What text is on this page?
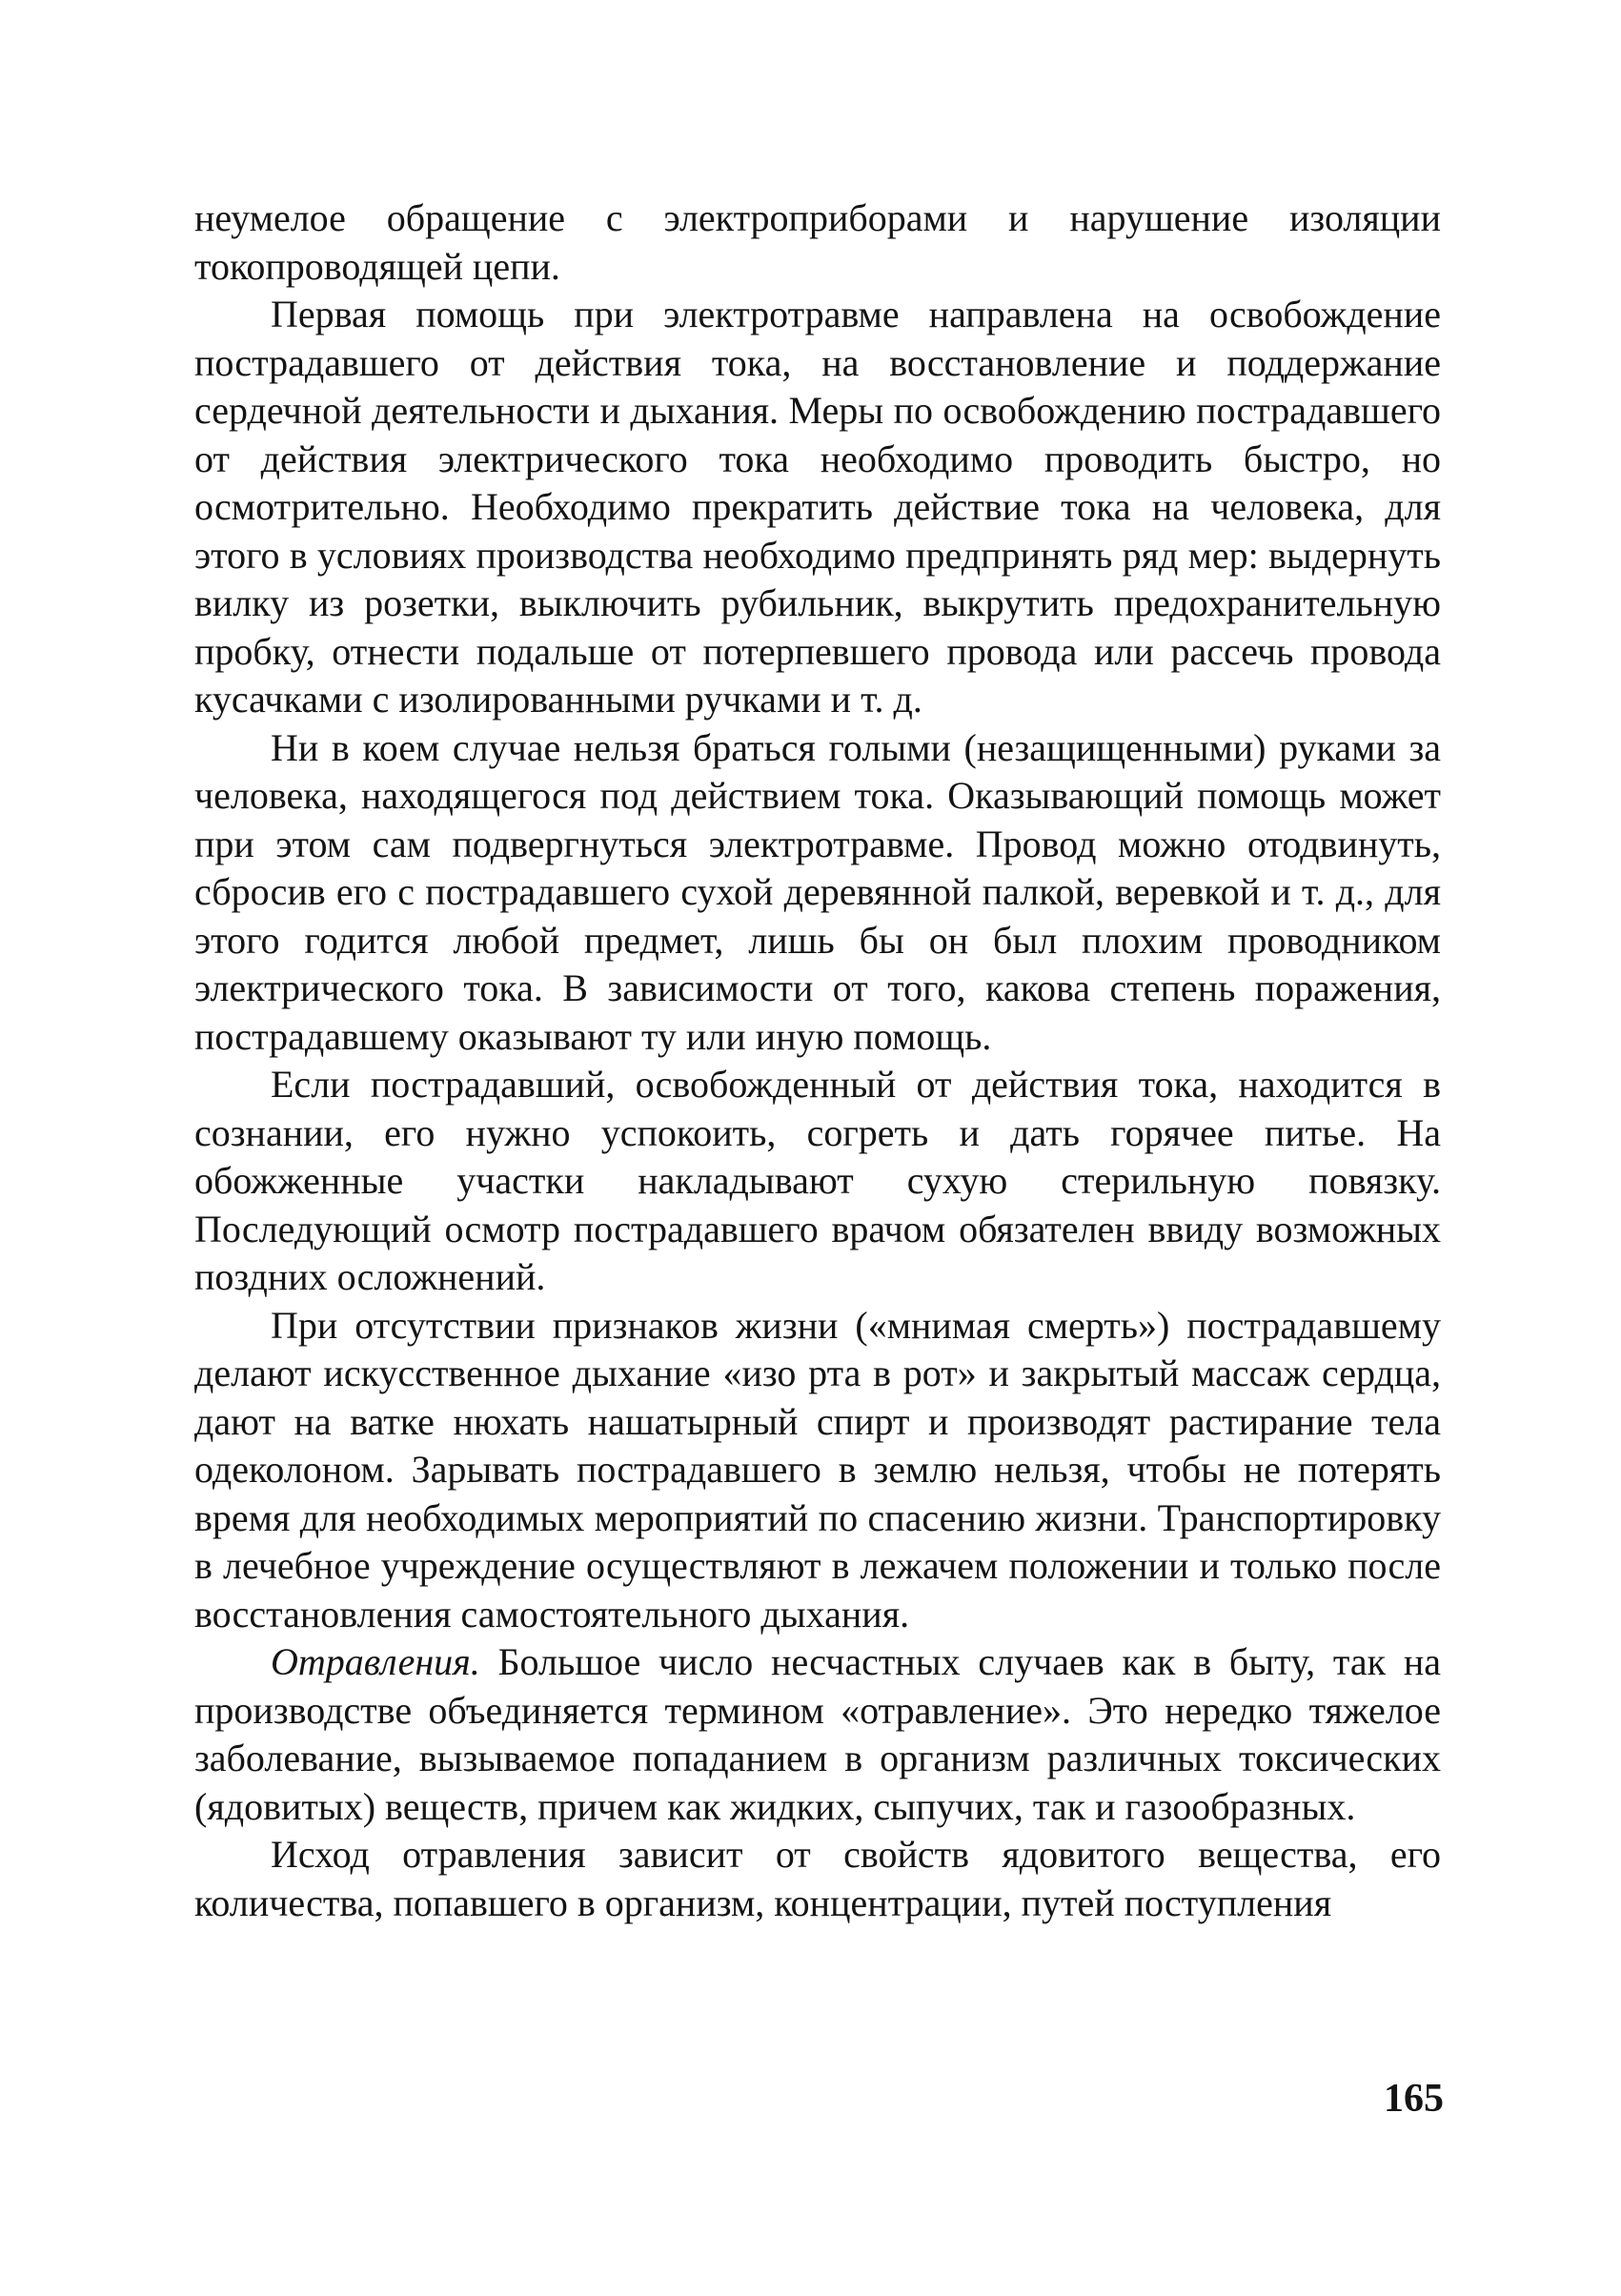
неумелое обращение с электроприборами и нарушение изоляции токопроводящей цепи.

Первая помощь при электротравме направлена на освобождение пострадавшего от действия тока, на восстановление и поддержание сердечной деятельности и дыхания. Меры по освобождению пострадавшего от действия электрического тока необходимо проводить быстро, но осмотрительно. Необходимо прекратить действие тока на человека, для этого в условиях производства необходимо предпринять ряд мер: выдернуть вилку из розетки, выключить рубильник, выкрутить предохранительную пробку, отнести подальше от потерпевшего провода или рассечь провода кусачками с изолированными ручками и т. д.

Ни в коем случае нельзя браться голыми (незащищенными) руками за человека, находящегося под действием тока. Оказывающий помощь может при этом сам подвергнуться электротравме. Провод можно отодвинуть, сбросив его с пострадавшего сухой деревянной палкой, веревкой и т. д., для этого годится любой предмет, лишь бы он был плохим проводником электрического тока. В зависимости от того, какова степень поражения, пострадавшему оказывают ту или иную помощь.

Если пострадавший, освобожденный от действия тока, находится в сознании, его нужно успокоить, согреть и дать горячее питье. На обожженные участки накладывают сухую стерильную повязку. Последующий осмотр пострадавшего врачом обязателен ввиду возможных поздних осложнений.

При отсутствии признаков жизни («мнимая смерть») пострадавшему делают искусственное дыхание «изо рта в рот» и закрытый массаж сердца, дают на ватке нюхать нашатырный спирт и производят растирание тела одеколоном. Зарывать пострадавшего в землю нельзя, чтобы не потерять время для необходимых мероприятий по спасению жизни. Транспортировку в лечебное учреждение осуществляют в лежачем положении и только после восстановления самостоятельного дыхания.

Отравления. Большое число несчастных случаев как в быту, так на производстве объединяется термином «отравление». Это нередко тяжелое заболевание, вызываемое попаданием в организм различных токсических (ядовитых) веществ, причем как жидких, сыпучих, так и газообразных.

Исход отравления зависит от свойств ядовитого вещества, его количества, попавшего в организм, концентрации, путей поступления

165
